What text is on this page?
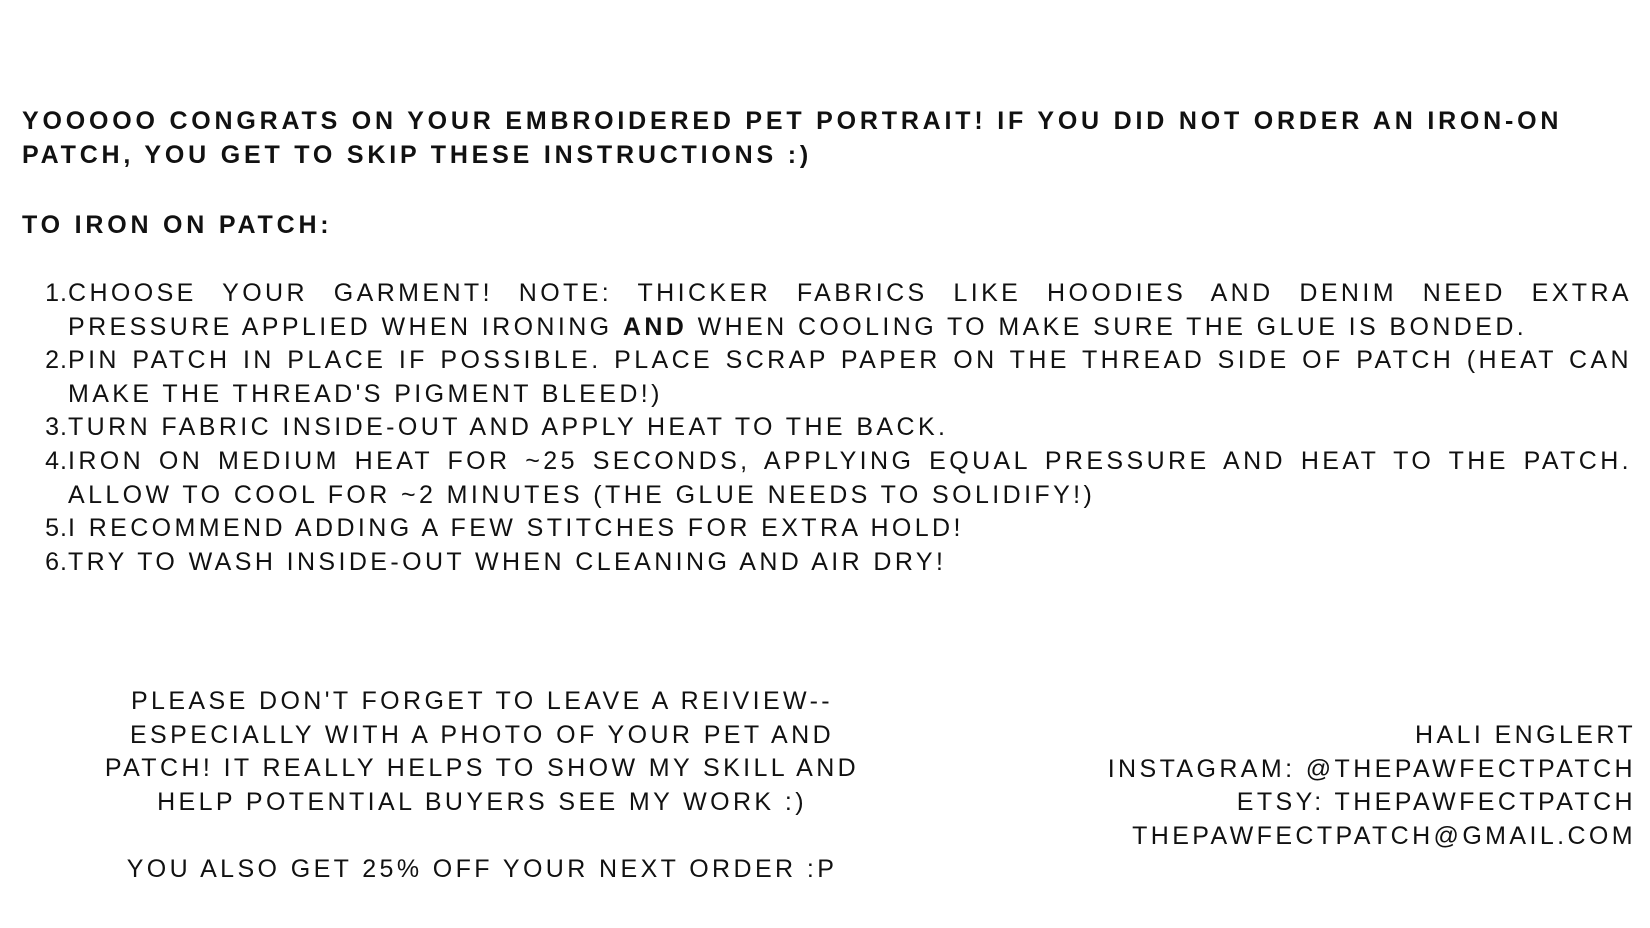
YOOOOO CONGRATS ON YOUR EMBROIDERED PET PORTRAIT! IF YOU DID NOT ORDER AN IRON-ON PATCH, YOU GET TO SKIP THESE INSTRUCTIONS :)

TO IRON ON PATCH:

1. CHOOSE YOUR GARMENT! NOTE: THICKER FABRICS LIKE HOODIES AND DENIM NEED EXTRA PRESSURE APPLIED WHEN IRONING AND WHEN COOLING TO MAKE SURE THE GLUE IS BONDED.
2. PIN PATCH IN PLACE IF POSSIBLE. PLACE SCRAP PAPER ON THE THREAD SIDE OF PATCH (HEAT CAN MAKE THE THREAD'S PIGMENT BLEED!)
3. TURN FABRIC INSIDE-OUT AND APPLY HEAT TO THE BACK.
4. IRON ON MEDIUM HEAT FOR ~25 SECONDS, APPLYING EQUAL PRESSURE AND HEAT TO THE PATCH. ALLOW TO COOL FOR ~2 MINUTES (THE GLUE NEEDS TO SOLIDIFY!)
5. I RECOMMEND ADDING A FEW STITCHES FOR EXTRA HOLD!
6. TRY TO WASH INSIDE-OUT WHEN CLEANING AND AIR DRY!

PLEASE DON'T FORGET TO LEAVE A REIVIEW-- ESPECIALLY WITH A PHOTO OF YOUR PET AND PATCH! IT REALLY HELPS TO SHOW MY SKILL AND HELP POTENTIAL BUYERS SEE MY WORK :)

YOU ALSO GET 25% OFF YOUR NEXT ORDER :P

HALI ENGLERT
INSTAGRAM: @THEPAWFECTPATCH
ETSY: THEPAWFECTPATCH
THEPAWFECTPATCH@GMAIL.COM
